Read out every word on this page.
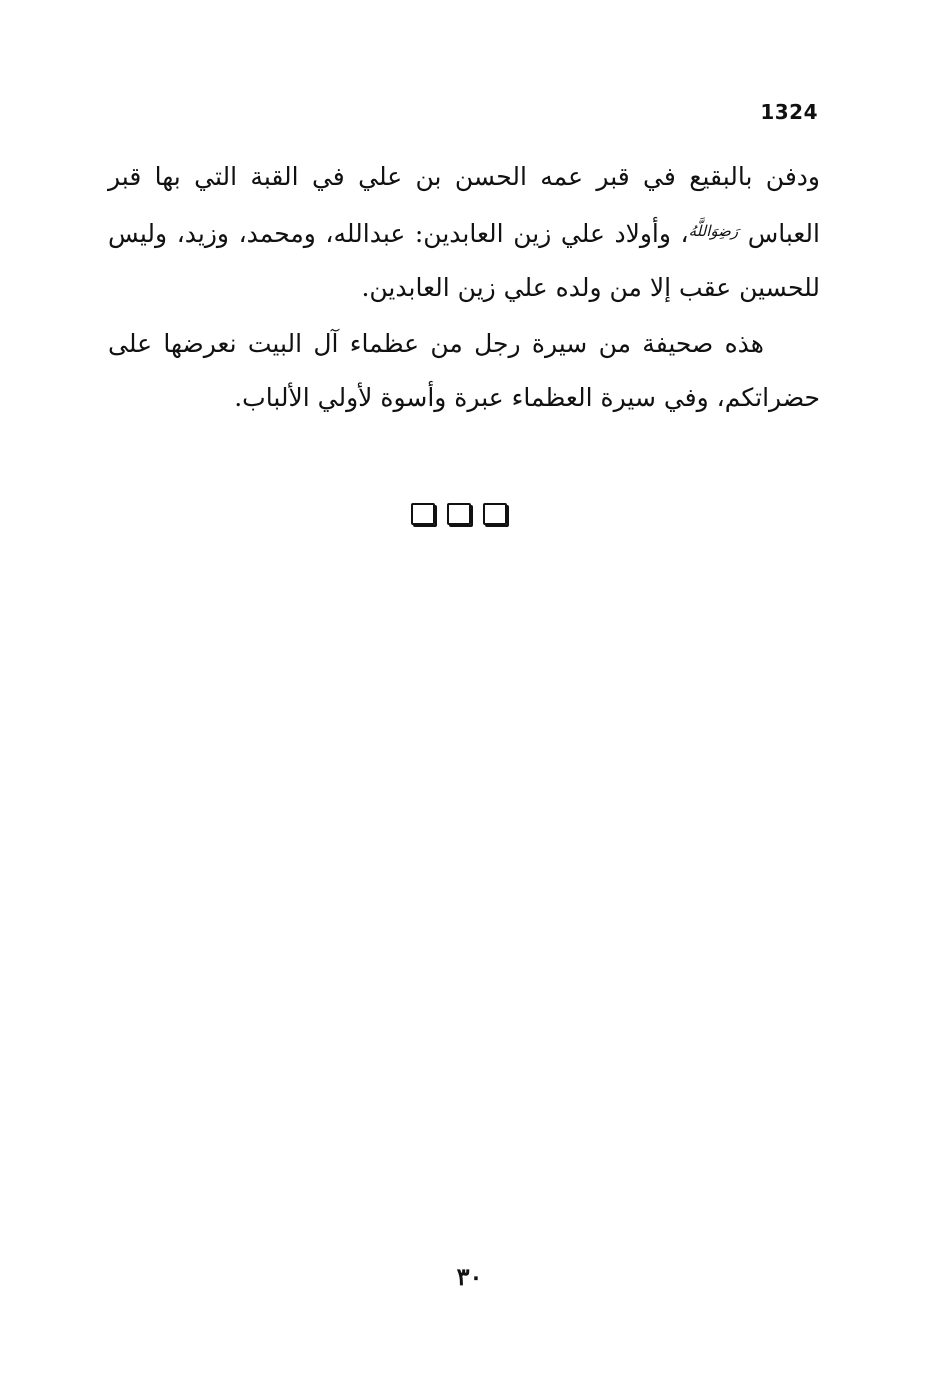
1324

ودفن بالبقيع في قبر عمه الحسن بن علي في القبة التي بها قبر العباس $^{رَضِوَاللَّهُ}$، وأولاد علي زين العابدين: عبدالله، ومحمد، وزيد، وليس للحسين عقب إلا من ولده علي زين العابدين.

هذه صحيفة من سيرة رجل من عظماء آل البيت نعرضها على حضراتكم، وفي سيرة العظماء عبرة وأسوة لأولي الألباب.

٣٠
